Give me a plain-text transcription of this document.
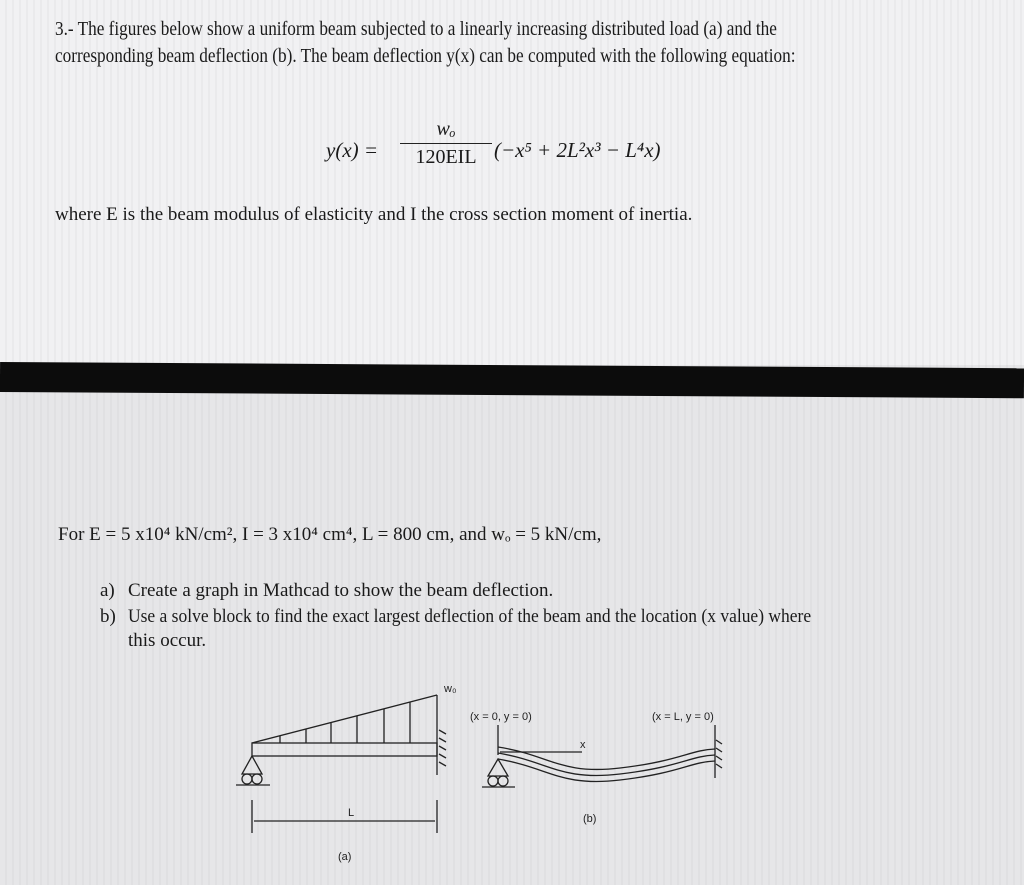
3.- The figures below show a uniform beam subjected to a linearly increasing distributed load (a) and the
corresponding beam deflection (b). The beam deflection y(x) can be computed with the following equation:
y(x) =
wₒ
120EIL (−x⁵ + 2L²x³ − L⁴x)
where E is the beam modulus of elasticity and I the cross section moment of inertia.
For E = 5 x10⁴ kN/cm², I = 3 x10⁴ cm⁴, L = 800 cm, and wₒ = 5 kN/cm,
a) Create a graph in Mathcad to show the beam deflection.
b) Use a solve block to find the exact largest deflection of the beam and the location (x value) where
this occur.
w₀
L
(a)
(x = 0, y = 0)	(x = L, y = 0)
x
(b)
